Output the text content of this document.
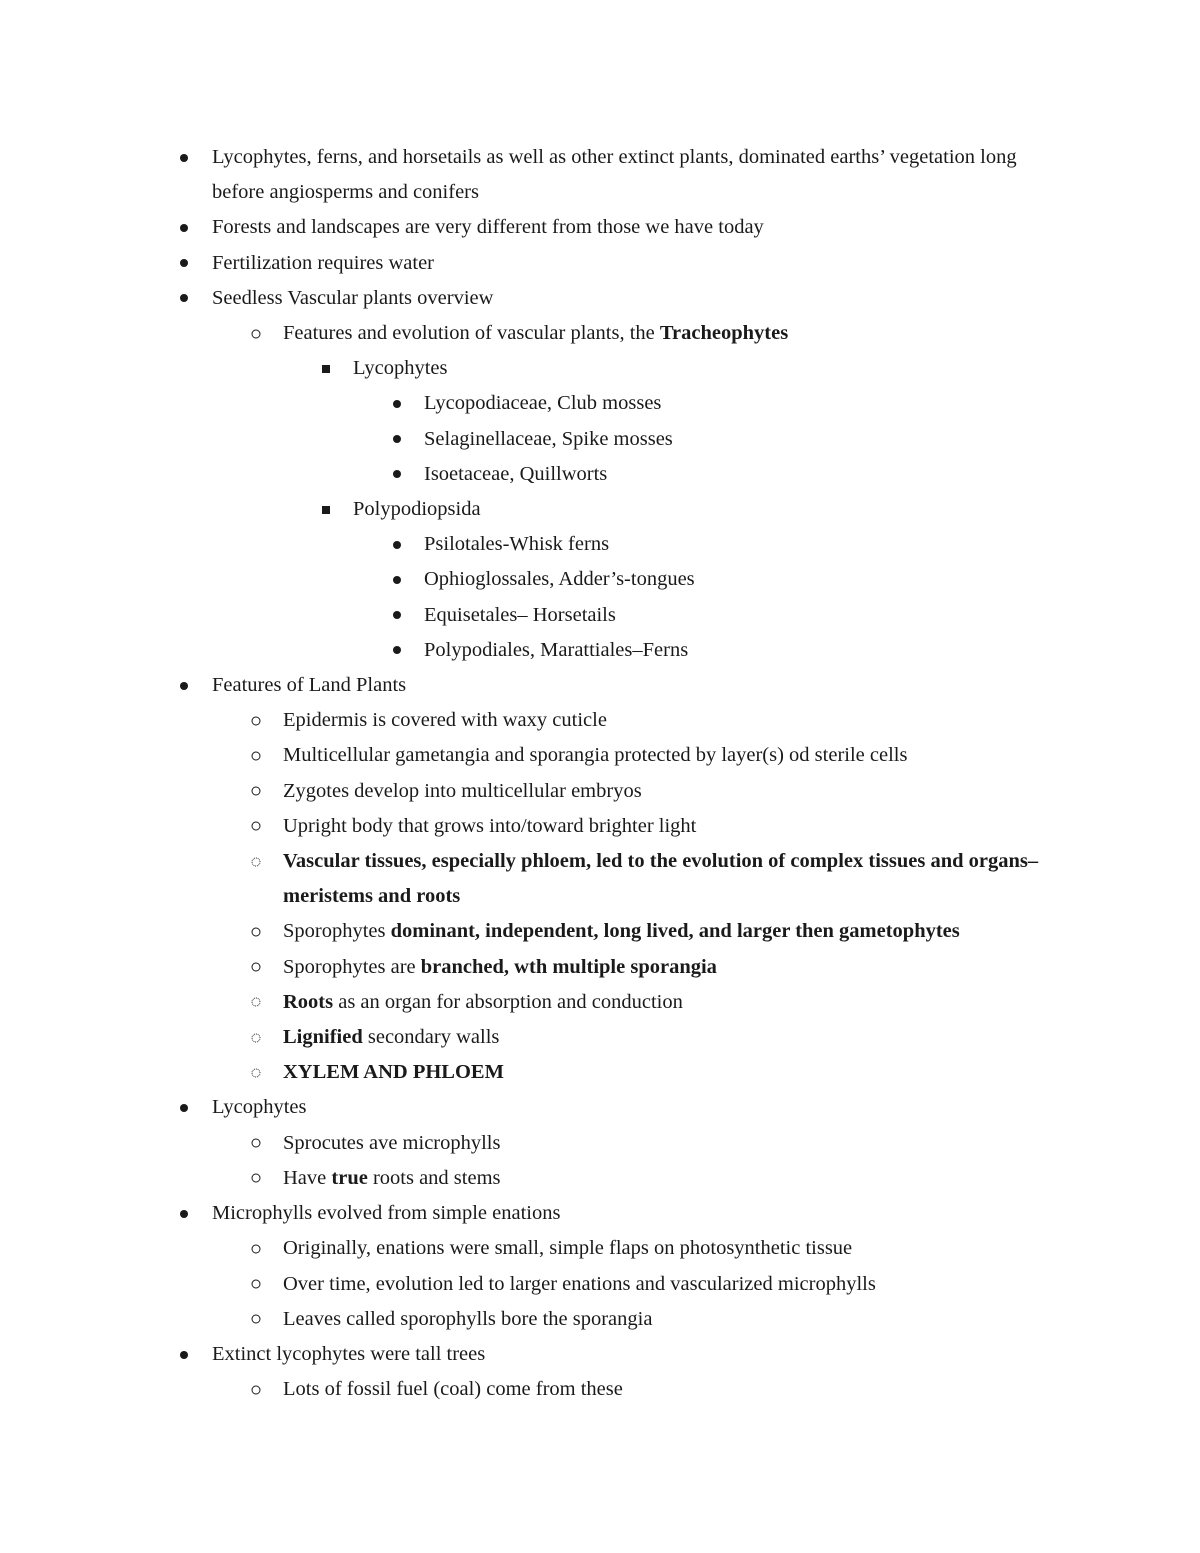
Lycophytes, ferns, and horsetails as well as other extinct plants, dominated earths’ vegetation long before angiosperms and conifers
Forests and landscapes are very different from those we have today
Fertilization requires water
Seedless Vascular plants overview
Features and evolution of vascular plants, the Tracheophytes
Lycophytes
Lycopodiaceae, Club mosses
Selaginellaceae, Spike mosses
Isoetaceae, Quillworts
Polypodiopsida
Psilotales-Whisk ferns
Ophioglossales, Adder’s-tongues
Equisetales– Horsetails
Polypodiales, Marattiales–Ferns
Features of Land Plants
Epidermis is covered with waxy cuticle
Multicellular gametangia and sporangia protected by layer(s) od sterile cells
Zygotes develop into multicellular embryos
Upright body that grows into/toward brighter light
Vascular tissues, especially phloem, led to the evolution of complex tissues and organs–meristems and roots
Sporophytes dominant, independent, long lived, and larger then gametophytes
Sporophytes are branched, wth multiple sporangia
Roots as an organ for absorption and conduction
Lignified secondary walls
XYLEM AND PHLOEM
Lycophytes
Sprocutes ave microphylls
Have true roots and stems
Microphylls evolved from simple enations
Originally, enations were small, simple flaps on photosynthetic tissue
Over time, evolution led to larger enations and vascularized microphylls
Leaves called sporophylls bore the sporangia
Extinct lycophytes were tall trees
Lots of fossil fuel (coal) come from these
